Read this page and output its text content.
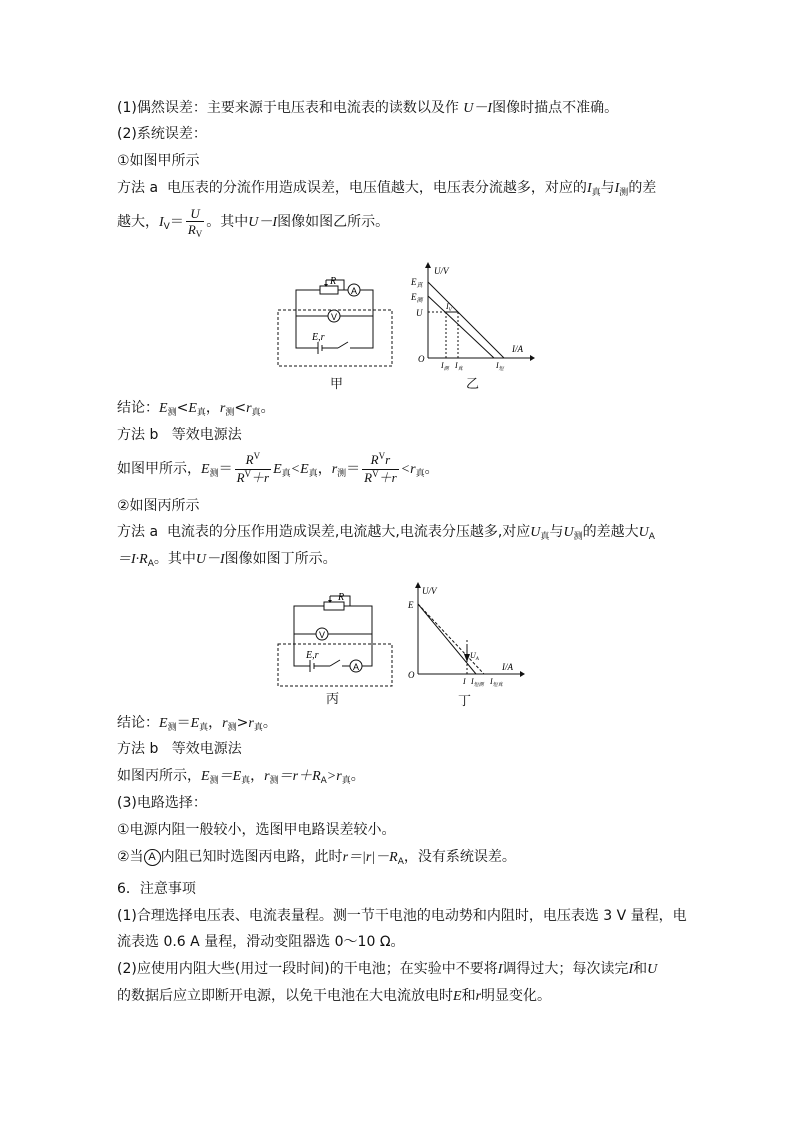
(1)偶然误差：主要来源于电压表和电流表的读数以及作 U－I图像时描点不准确。
(2)系统误差：
①如图甲所示
方法 a 电压表的分流作用造成误差，电压值越大，电压表分流越多，对应的$I_真$与$I_测$的差
越大，$I_V= \frac{U}{R_V}$ 。其中U－I图像如图乙所示。
R
A
V
E,r
甲
U/V
I/A
O
$E_真$
$E_测$
U
$I_V$
$I_测$ $I_真$	$I_短$
乙
结论：$E_测<E_真$，$r_测<r_真$。
方法 b 等效电源法
如图甲所示，$E_测= \frac{R^V}{R^V+r} E_真<E_真$，$r_测= \frac{R^Vr}{R^V+r} <r_真$。
②如图丙所示
方法 a 电流表的分压作用造成误差,电流越大,电流表分压越多,对应$U_真$与$U_测$的差越大$U_A$
$=I\cdot R_A$。其中U－I图像如图丁所示。
R
V
A
E,r
丙
U/V
I/A
O
E
$U_A$
I $I_{短测}$ $I_{短真}$
丁
结论：$E_测=E_真$，$r_测>r_真$。
方法 b 等效电源法
如图丙所示，$E_测=E_真$，$r_测=r+R_A>r_真$。
(3)电路选择：
①电源内阻一般较小，选图甲电路误差较小。
②当 A 内阻已知时选图丙电路，此时$r=|r|-R_A$，没有系统误差。
6．注意事项
(1)合理选择电压表、电流表量程。测一节干电池的电动势和内阻时，电压表选 3 V 量程，电
流表选 0.6 A 量程，滑动变阻器选 0～10 Ω。
(2)应使用内阻大些(用过一段时间)的干电池；在实验中不要将I调得过大；每次读完I和U
的数据后应立即断开电源，以免干电池在大电流放电时E和r明显变化。
